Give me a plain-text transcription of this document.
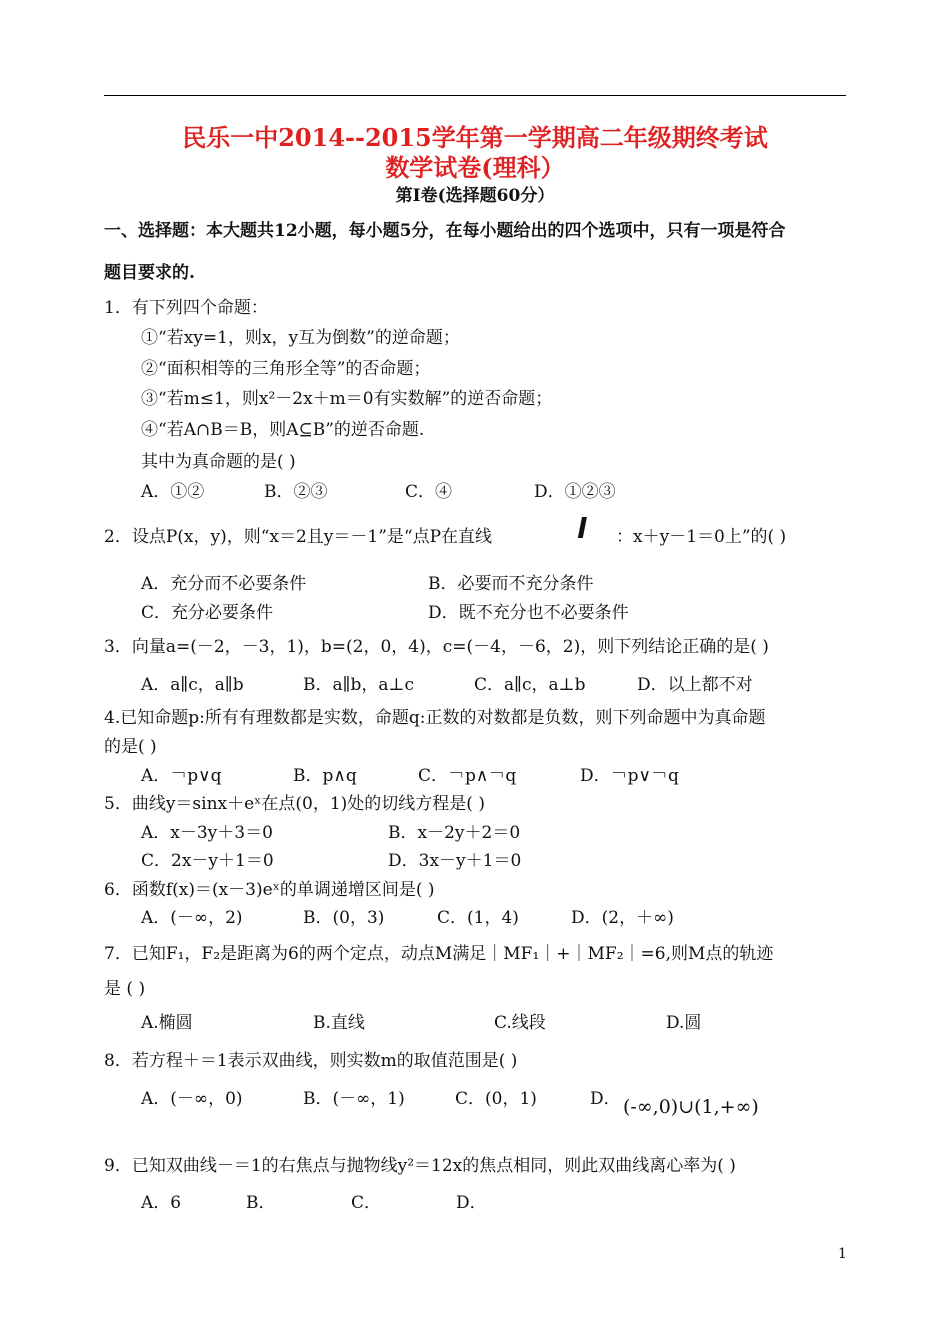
民乐一中2014--2015学年第一学期高二年级期终考试
数学试卷(理科）
第Ⅰ卷(选择题60分）
一、选择题：本大题共12小题，每小题5分，在每小题给出的四个选项中，只有一项是符合
题目要求的.
1．有下列四个命题：
①“若xy=1，则x，y互为倒数”的逆命题；
②“面积相等的三角形全等”的否命题；
③“若m≤1，则x²－2x＋m＝0有实数解”的逆否命题；
④“若A∩B＝B，则A⊆B”的逆否命题.
其中为真命题的是( )
A．①②	B．②③	C．④	D．①②③
2．设点P(x，y)，则“x＝2且y＝－1”是“点P在直线	l ：x＋y－1＝0上”的( )
A．充分而不必要条件	B．必要而不充分条件
C．充分必要条件	D．既不充分也不必要条件
3．向量a=(－2，－3，1)，b=(2，0，4)，c=(－4，－6，2)，则下列结论正确的是( )
A．a∥c，a∥b	B．a∥b，a⊥c	C．a∥c，a⊥b	D．以上都不对
4.已知命题p:所有有理数都是实数，命题q:正数的对数都是负数，则下列命题中为真命题
的是( )
A．￢p∨q	B．p∧q	C．￢p∧￢q	D．￢p∨￢q
5．曲线y＝sinx＋eˣ在点(0，1)处的切线方程是( )
A．x－3y＋3＝0	B．x－2y＋2＝0
C．2x－y＋1＝0	D．3x－y＋1＝0
6．函数f(x)＝(x－3)eˣ的单调递增区间是( )
A．(－∞，2)	B．(0，3)	C．(1，4)	D．(2，＋∞)
7．已知F₁，F₂是距离为6的两个定点，动点M满足｜MF₁｜+｜MF₂｜=6,则M点的轨迹
是 ( )
A.椭圆	B.直线	C.线段	D.圆
8．若方程＋＝1表示双曲线，则实数m的取值范围是( )
A．(－∞，0)	B．(－∞，1)	C．(0，1)	D． (-∞,0)∪(1,+∞)
9．已知双曲线－＝1的右焦点与抛物线y²＝12x的焦点相同，则此双曲线离心率为( )
A．6	B．	C．	D．
1
